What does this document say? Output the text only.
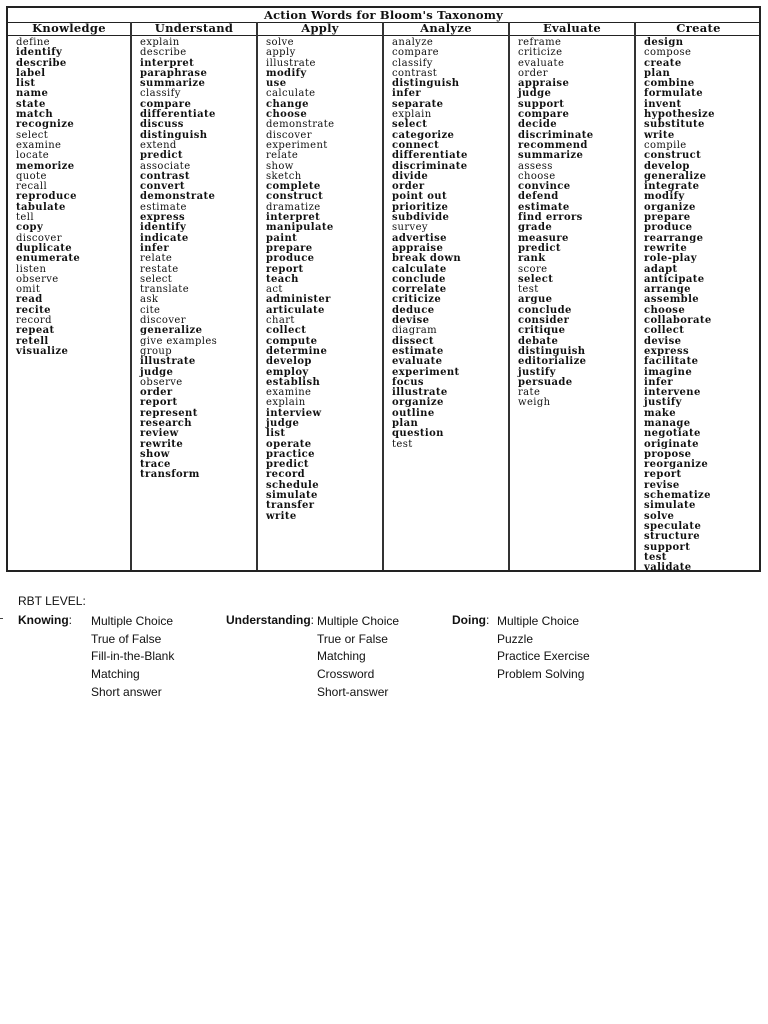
Action Words for Bloom's Taxonomy
Knowledge
define
identify
describe
label
list
name
state
match
recognize
select
examine
locate
memorize
quote
recall
reproduce
tabulate
tell
copy
discover
duplicate
enumerate
listen
observe
omit
read
recite
record
repeat
retell
visualize
Understand
explain
describe
interpret
paraphrase
summarize
classify
compare
differentiate
discuss
distinguish
extend
predict
associate
contrast
convert
demonstrate
estimate
express
identify
indicate
infer
relate
restate
select
translate
ask
cite
discover
generalize
give examples
group
illustrate
judge
observe
order
report
represent
research
review
rewrite
show
trace
transform
Apply
solve
apply
illustrate
modify
use
calculate
change
choose
demonstrate
discover
experiment
relate
show
sketch
complete
construct
dramatize
interpret
manipulate
paint
prepare
produce
report
teach
act
administer
articulate
chart
collect
compute
determine
develop
employ
establish
examine
explain
interview
judge
list
operate
practice
predict
record
schedule
simulate
transfer
write
Analyze
analyze
compare
classify
contrast
distinguish
infer
separate
explain
select
categorize
connect
differentiate
discriminate
divide
order
point out
prioritize
subdivide
survey
advertise
appraise
break down
calculate
conclude
correlate
criticize
deduce
devise
diagram
dissect
estimate
evaluate
experiment
focus
illustrate
organize
outline
plan
question
test
Evaluate
reframe
criticize
evaluate
order
appraise
judge
support
compare
decide
discriminate
recommend
summarize
assess
choose
convince
defend
estimate
find errors
grade
measure
predict
rank
score
select
test
argue
conclude
consider
critique
debate
distinguish
editorialize
justify
persuade
rate
weigh
Create
design
compose
create
plan
combine
formulate
invent
hypothesize
substitute
write
compile
construct
develop
generalize
integrate
modify
organize
prepare
produce
rearrange
rewrite
role-play
adapt
anticipate
arrange
assemble
choose
collaborate
collect
devise
express
facilitate
imagine
infer
intervene
justify
make
manage
negotiate
originate
propose
reorganize
report
revise
schematize
simulate
solve
speculate
structure
support
test
validate
RBT LEVEL:
Knowing: Multiple Choice
True of False
Fill-in-the-Blank
Matching
Short answer
Understanding: Multiple Choice
True or False
Matching
Crossword
Short-answer
Doing: Multiple Choice
Puzzle
Practice Exercise
Problem Solving
